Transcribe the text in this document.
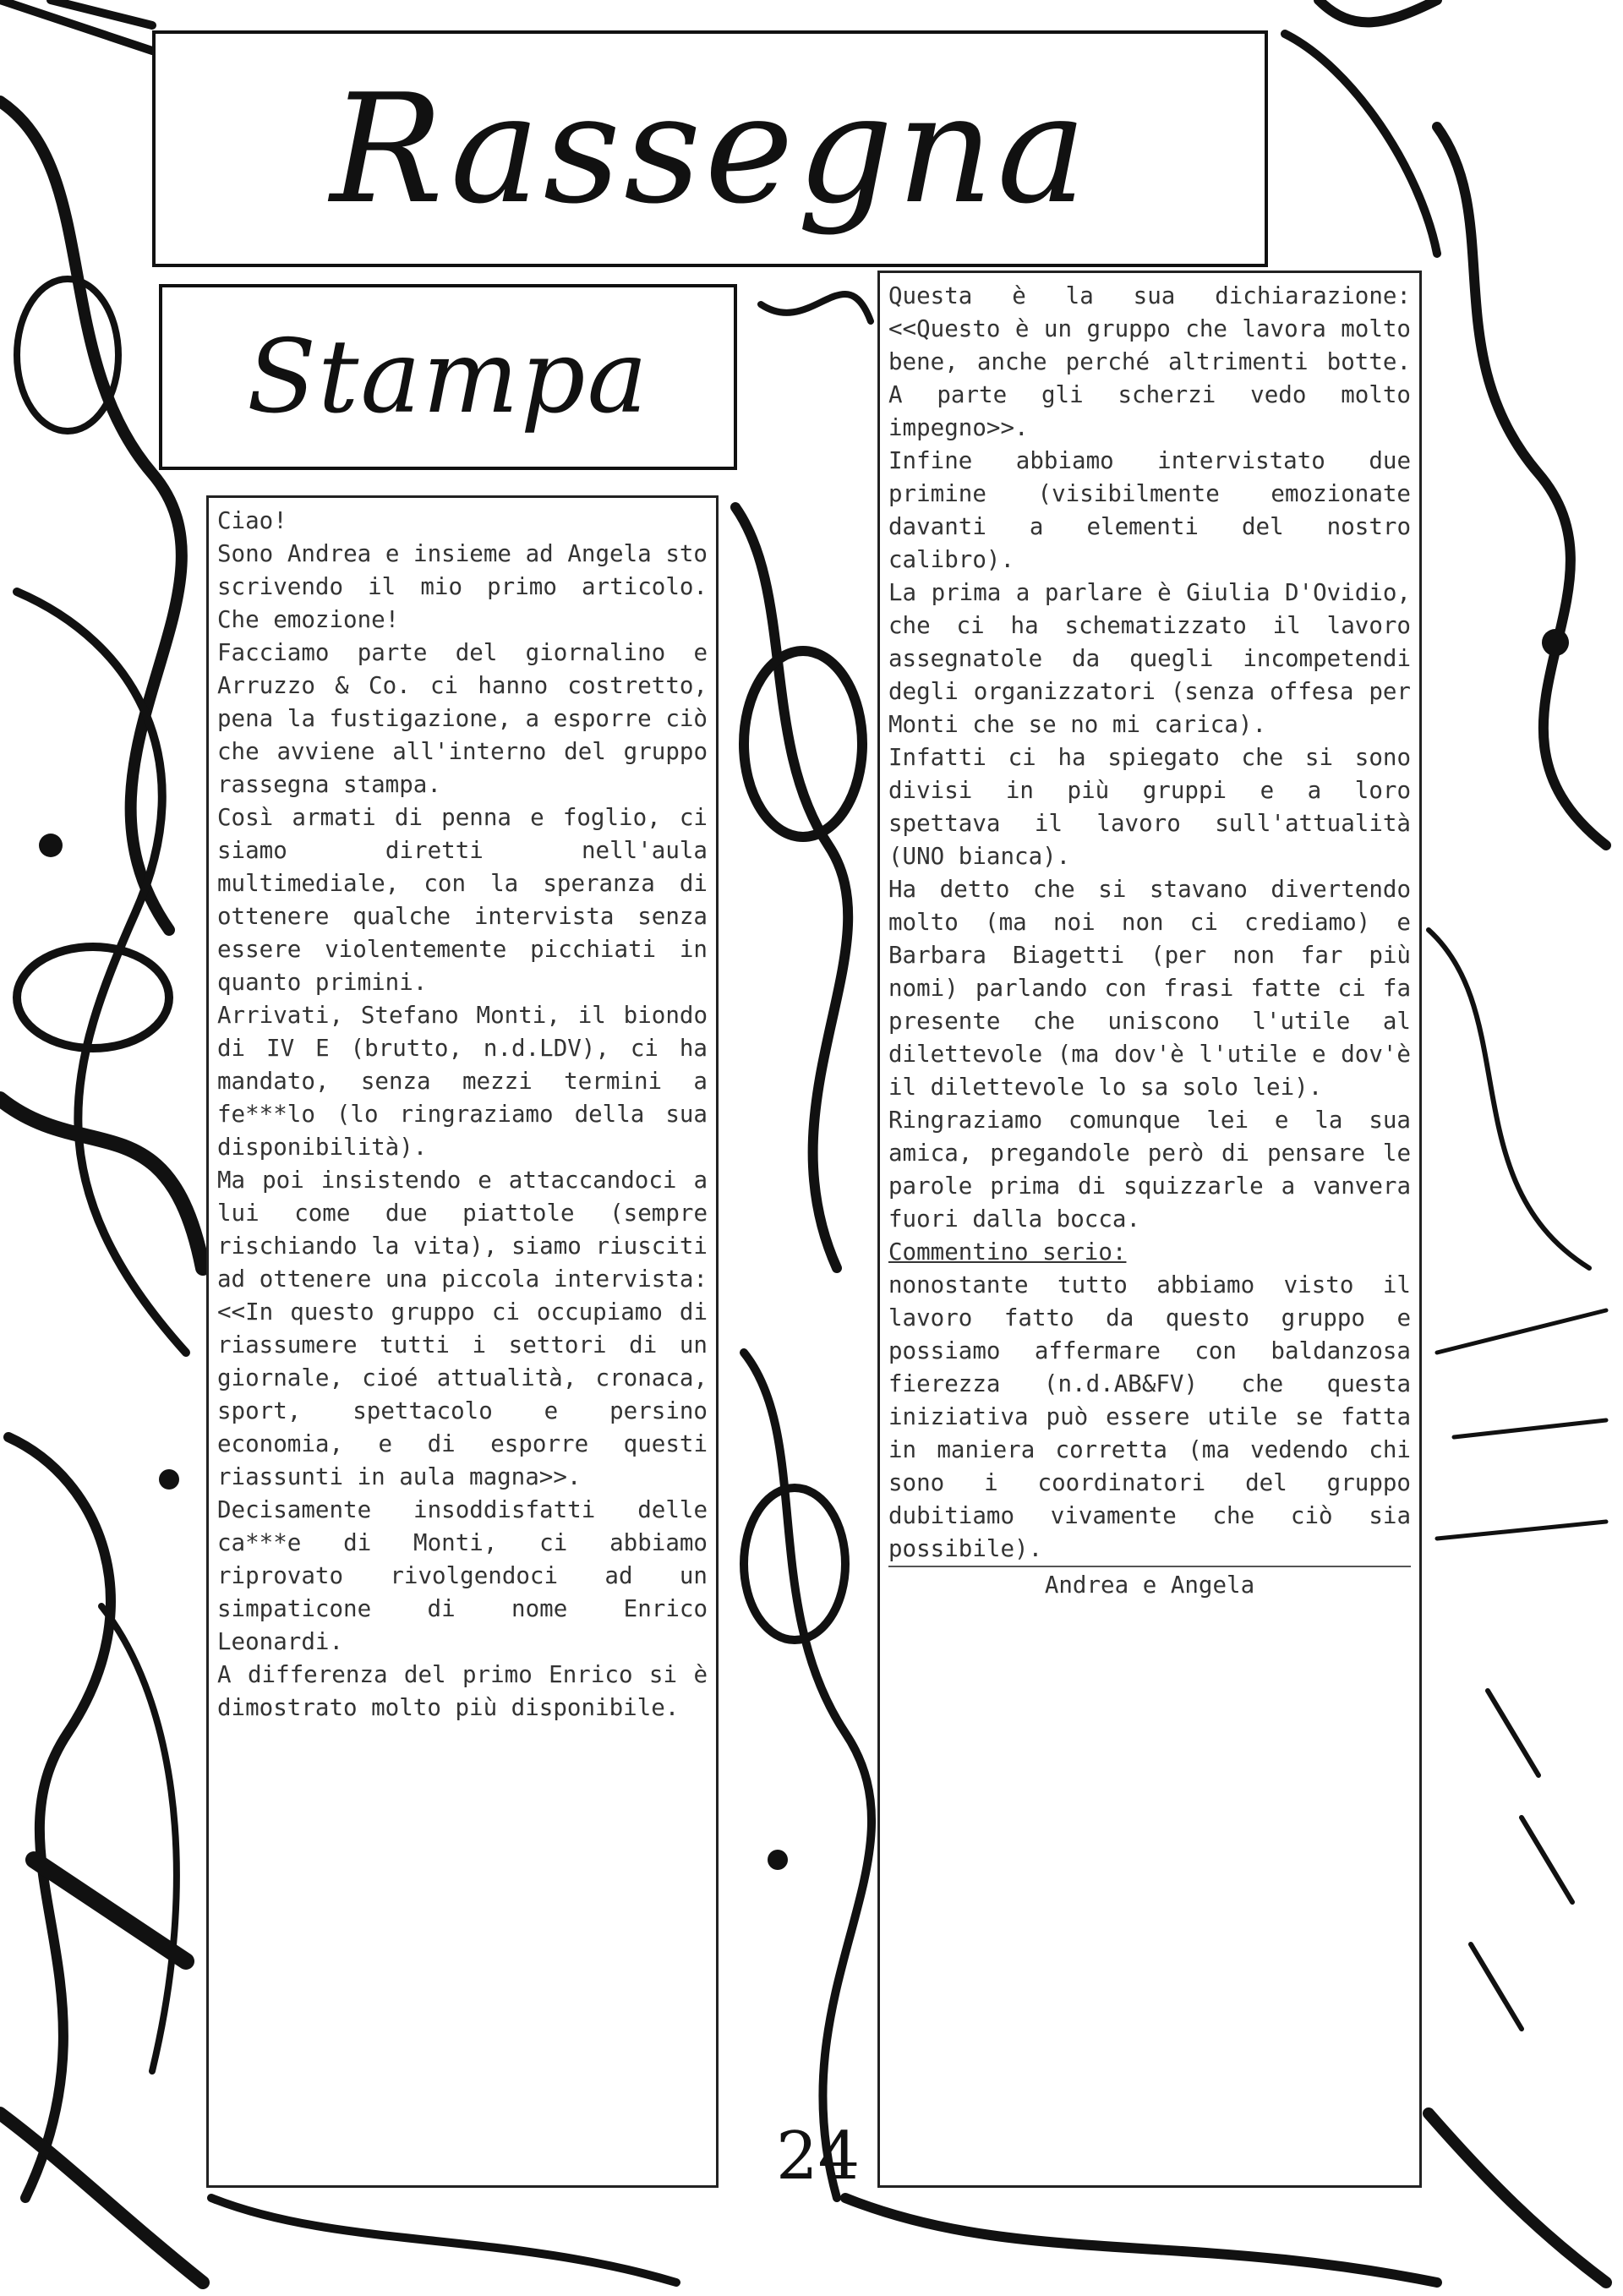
Rassegna
Stampa

Ciao!

Sono Andrea e insieme ad Angela sto scrivendo il mio primo articolo. Che emozione!

Facciamo parte del giornalino e Arruzzo & Co. ci hanno costretto, pena la fustigazione, a esporre ciò che avviene all'interno del gruppo rassegna stampa.

Così armati di penna e foglio, ci siamo diretti nell'aula multimediale, con la speranza di ottenere qualche intervista senza essere violentemente picchiati in quanto primini.

Arrivati, Stefano Monti, il biondo di IV E (brutto, n.d.LDV), ci ha mandato, senza mezzi termini a fe***lo (lo ringraziamo della sua disponibilità).

Ma poi insistendo e attaccandoci a lui come due piattole (sempre rischiando la vita), siamo riusciti ad ottenere una piccola intervista: <<In questo gruppo ci occupiamo di riassumere tutti i settori di un giornale, cioé attualità, cronaca, sport, spettacolo e persino economia, e di esporre questi riassunti in aula magna>>.

Decisamente insoddisfatti delle ca***e di Monti, ci abbiamo riprovato rivolgendoci ad un simpaticone di nome Enrico Leonardi.

A differenza del primo Enrico si è dimostrato molto più disponibile.

Questa è la sua dichiarazione: <<Questo è un gruppo che lavora molto bene, anche perché altrimenti botte. A parte gli scherzi vedo molto impegno>>.

Infine abbiamo intervistato due primine (visibilmente emozionate davanti a elementi del nostro calibro).

La prima a parlare è Giulia D'Ovidio, che ci ha schematizzato il lavoro assegnatole da quegli incompetendi degli organizzatori (senza offesa per Monti che se no mi carica).

Infatti ci ha spiegato che si sono divisi in più gruppi e a loro spettava il lavoro sull'attualità (UNO bianca).

Ha detto che si stavano divertendo molto (ma noi non ci crediamo) e Barbara Biagetti (per non far più nomi) parlando con frasi fatte ci fa presente che uniscono l'utile al dilettevole (ma dov'è l'utile e dov'è il dilettevole lo sa solo lei).

Ringraziamo comunque lei e la sua amica, pregandole però di pensare le parole prima di squizzarle a vanvera fuori dalla bocca.

Commentino serio:

nonostante tutto abbiamo visto il lavoro fatto da questo gruppo e possiamo affermare con baldanzosa fierezza (n.d.AB&FV) che questa iniziativa può essere utile se fatta in maniera corretta (ma vedendo chi sono i coordinatori del gruppo dubitiamo vivamente che ciò sia possibile).

Andrea e Angela

24
